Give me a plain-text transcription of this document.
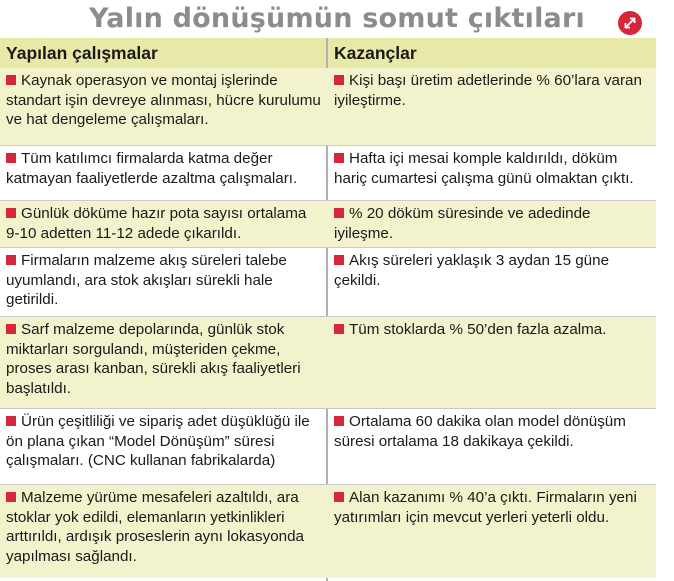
Yalın dönüşümün somut çıktıları
Yapılan çalışmalar	Kazançlar
Kaynak operasyon ve montaj işlerinde standart işin devreye alınması, hücre kurulumu ve hat dengeleme çalışmaları.
Kişi başı üretim adetlerinde % 60’lara varan iyileştirme.
Tüm katılımcı firmalarda katma değer katmayan faaliyetlerde azaltma çalışmaları.
Hafta içi mesai komple kaldırıldı, döküm hariç cumartesi çalışma günü olmaktan çıktı.
Günlük döküme hazır pota sayısı ortalama 9-10 adetten 11-12 adede çıkarıldı.
% 20 döküm süresinde ve adedinde iyileşme.
Firmaların malzeme akış süreleri talebe uyumlandı, ara stok akışları sürekli hale getirildi.
Akış süreleri yaklaşık 3 aydan 15 güne çekildi.
Sarf malzeme depolarında, günlük stok miktarları sorgulandı, müşteriden çekme, proses arası kanban, sürekli akış faaliyetleri başlatıldı.
Tüm stoklarda % 50’den fazla azalma.
Ürün çeşitliliği ve sipariş adet düşüklüğü ile ön plana çıkan “Model Dönüşüm” süresi çalışmaları. (CNC kullanan fabrikalarda)
Ortalama 60 dakika olan model dönüşüm süresi ortalama 18 dakikaya çekildi.
Malzeme yürüme mesafeleri azaltıldı, ara stoklar yok edildi, elemanların yetkinlikleri arttırıldı, ardışık proseslerin aynı lokasyonda yapılması sağlandı.
Alan kazanımı % 40’a çıktı. Firmaların yeni yatırımları için mevcut yerleri yeterli oldu.
